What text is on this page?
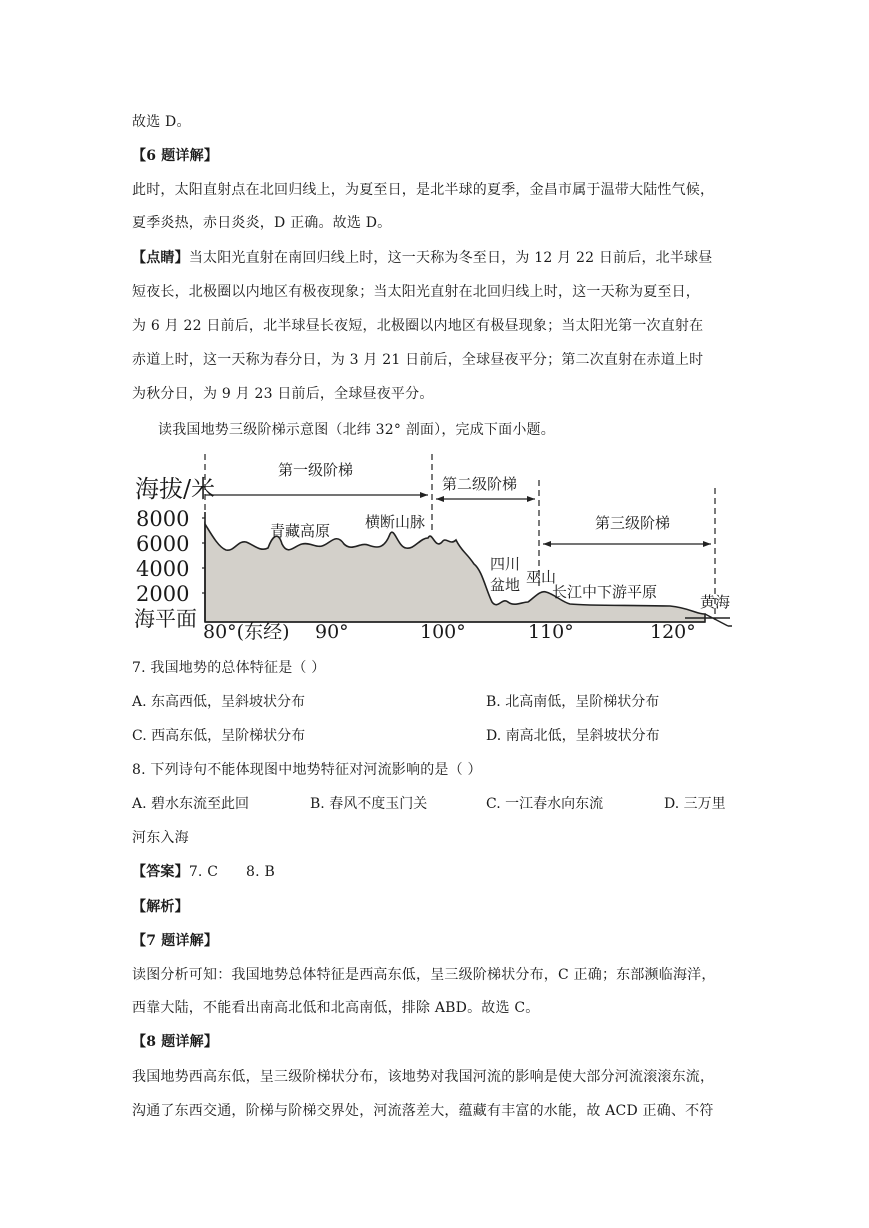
故选 D。
【6 题详解】
此时，太阳直射点在北回归线上，为夏至日，是北半球的夏季，金昌市属于温带大陆性气候，
夏季炎热，赤日炎炎，D 正确。故选 D。
【点睛】当太阳光直射在南回归线上时，这一天称为冬至日，为 12 月 22 日前后，北半球昼
短夜长，北极圈以内地区有极夜现象；当太阳光直射在北回归线上时，这一天称为夏至日，
为 6 月 22 日前后，北半球昼长夜短，北极圈以内地区有极昼现象；当太阳光第一次直射在
赤道上时，这一天称为春分日，为 3 月 21 日前后，全球昼夜平分；第二次直射在赤道上时
为秋分日，为 9 月 23 日前后，全球昼夜平分。
读我国地势三级阶梯示意图（北纬 32° 剖面），完成下面小题。
海拔/米
8000
6000
4000
2000
海平面
80°(东经) 90°	100°	110°	120°
第一级阶梯
第二级阶梯
第三级阶梯
青藏高原 横断山脉
四川
盆地 巫山
长江中下游平原
黄海
7. 我国地势的总体特征是（ ）
A. 东高西低，呈斜坡状分布	B. 北高南低，呈阶梯状分布
C. 西高东低，呈阶梯状分布	D. 南高北低，呈斜坡状分布
8. 下列诗句不能体现图中地势特征对河流影响的是（ ）
A. 碧水东流至此回	B. 春风不度玉门关	C. 一江春水向东流	D. 三万里
河东入海
【答案】7. C      8. B
【解析】
【7 题详解】
读图分析可知：我国地势总体特征是西高东低，呈三级阶梯状分布，C 正确；东部濒临海洋，
西靠大陆，不能看出南高北低和北高南低，排除 ABD。故选 C。
【8 题详解】
我国地势西高东低，呈三级阶梯状分布，该地势对我国河流的影响是使大部分河流滚滚东流，
沟通了东西交通，阶梯与阶梯交界处，河流落差大，蕴藏有丰富的水能，故 ACD 正确、不符
